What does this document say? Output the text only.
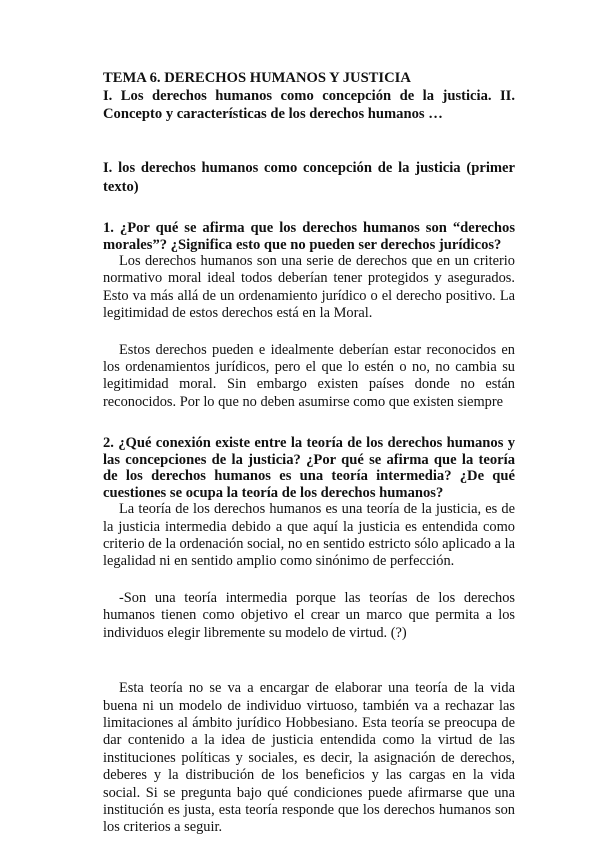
TEMA 6. DERECHOS HUMANOS Y JUSTICIA

I. Los derechos humanos como concepción de la justicia. II. Concepto y características de los derechos humanos …

I. los derechos humanos como concepción de la justicia (primer texto)

1. ¿Por qué se afirma que los derechos humanos son “derechos morales”? ¿Significa esto que no pueden ser derechos jurídicos?

Los derechos humanos son una serie de derechos que en un criterio normativo moral ideal todos deberían tener protegidos y asegurados. Esto va más allá de un ordenamiento jurídico o el derecho positivo. La legitimidad de estos derechos está en la Moral.

Estos derechos pueden e idealmente deberían estar reconocidos en los ordenamientos jurídicos, pero el que lo estén o no, no cambia su legitimidad moral. Sin embargo existen países donde no están reconocidos. Por lo que no deben asumirse como que existen siempre

2. ¿Qué conexión existe entre la teoría de los derechos humanos y las concepciones de la justicia? ¿Por qué se afirma que la teoría de los derechos humanos es una teoría intermedia? ¿De qué cuestiones se ocupa la teoría de los derechos humanos?

La teoría de los derechos humanos es una teoría de la justicia, es de la justicia intermedia debido a que aquí la justicia es entendida como criterio de la ordenación social, no en sentido estricto sólo aplicado a la legalidad ni en sentido amplio como sinónimo de perfección.

-Son una teoría intermedia porque las teorías de los derechos humanos tienen como objetivo el crear un marco que permita a los individuos elegir libremente su modelo de virtud. (?)

Esta teoría no se va a encargar de elaborar una teoría de la vida buena ni un modelo de individuo virtuoso, también va a rechazar las limitaciones al ámbito jurídico Hobbesiano. Esta teoría se preocupa de dar contenido a la idea de justicia entendida como la virtud de las instituciones políticas y sociales, es decir, la asignación de derechos, deberes y la distribución de los beneficios y las cargas en la vida social. Si se pregunta bajo qué condiciones puede afirmarse que una institución es justa, esta teoría responde que los derechos humanos son los criterios a seguir.
